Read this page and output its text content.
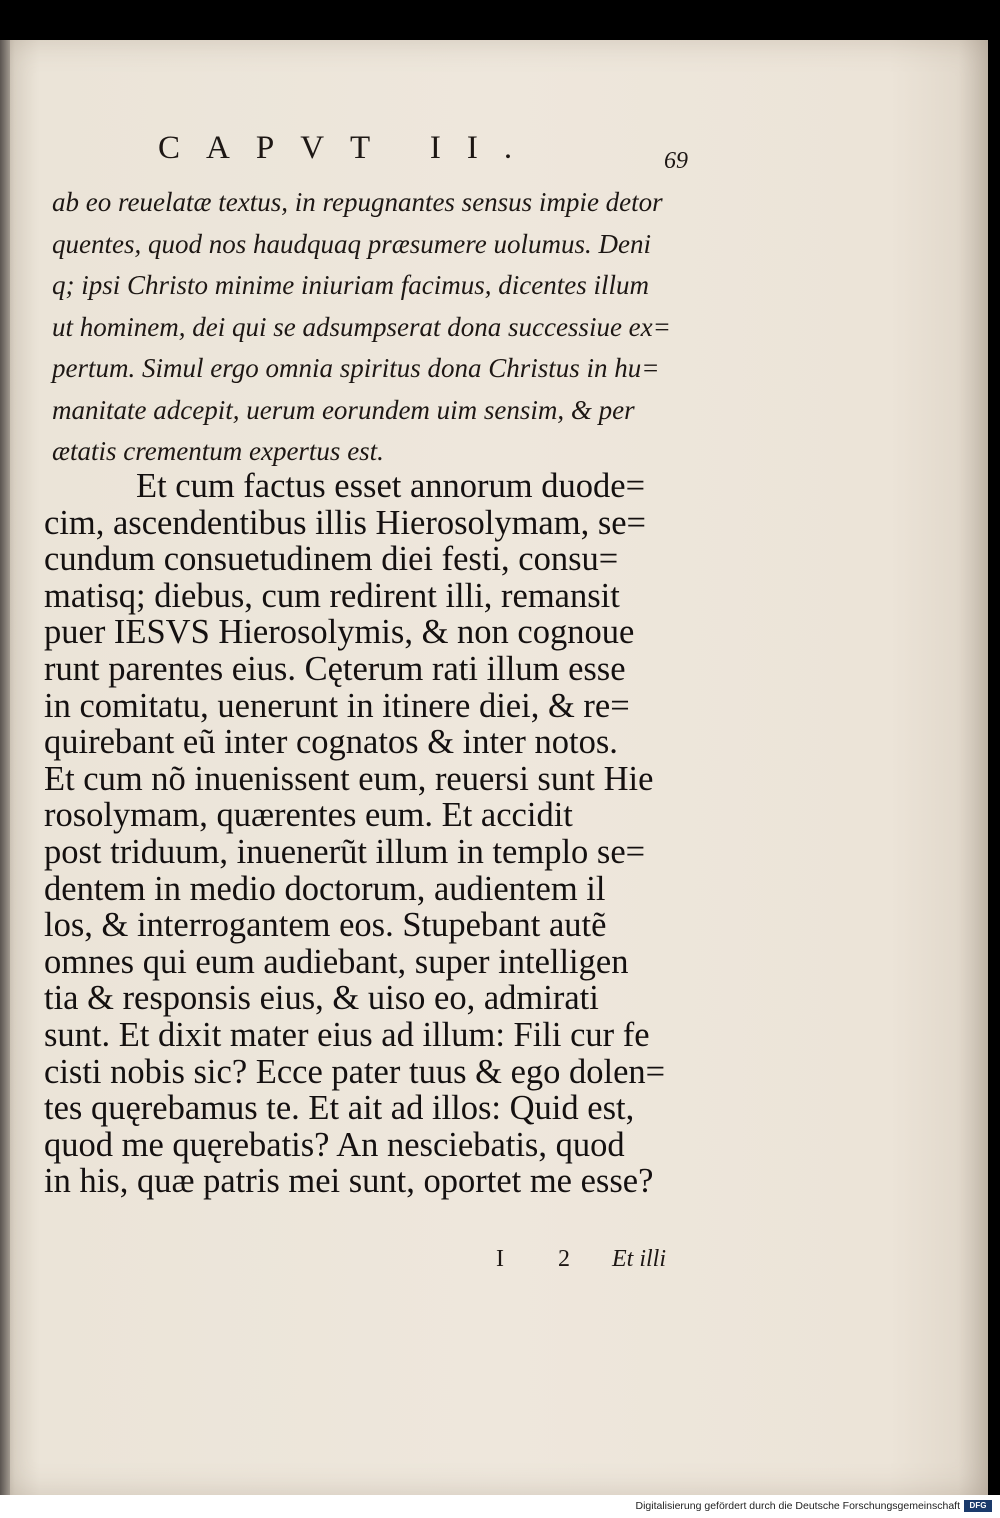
CAPVT II.	69
ab eo reuelatæ textus, in repugnantes sensus impie detor
quentes, quod nos haudquaq præsumere uolumus. Deni
q; ipsi Christo minime iniuriam facimus, dicentes illum
ut hominem, dei qui se adsumpserat dona successiue ex=
pertum. Simul ergo omnia spiritus dona Christus in hu=
manitate adcepit, uerum eorundem uim sensim, & per
ætatis crementum expertus est.
Et cum factus esset annorum duode=
cim, ascendentibus illis Hierosolymam, se=
cundum consuetudinem diei festi, consu=
matisq; diebus, cum redirent illi, remansit
puer IESVS Hierosolymis, & non cognoue
runt parentes eius. Cęterum rati illum esse
in comitatu, uenerunt in itinere diei, & re=
quirebant eũ inter cognatos & inter notos.
Et cum nõ inuenissent eum, reuersi sunt Hie
rosolymam, quærentes eum. Et accidit
post triduum, inuenerũt illum in templo se=
dentem in medio doctorum, audientem il
los, & interrogantem eos. Stupebant autẽ
omnes qui eum audiebant, super intelligen
tia & responsis eius, & uiso eo, admirati
sunt. Et dixit mater eius ad illum: Fili cur fe
cisti nobis sic? Ecce pater tuus & ego dolen=
tes quęrebamus te. Et ait ad illos: Quid est,
quod me quęrebatis? An nesciebatis, quod
in his, quæ patris mei sunt, oportet me esse?
I 2 Et illi
Digitalisierung gefördert durch die Deutsche Forschungsgemeinschaft	DFG
